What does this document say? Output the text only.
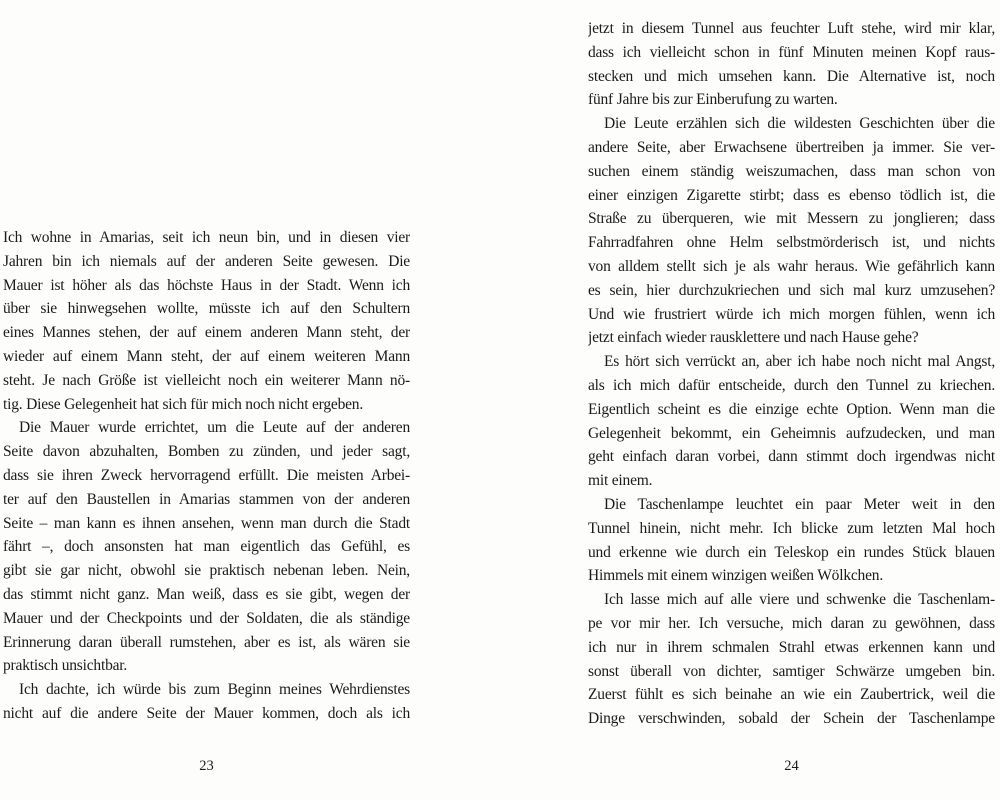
Ich wohne in Amarias, seit ich neun bin, und in diesen vier
Jahren bin ich niemals auf der anderen Seite gewesen. Die
Mauer ist höher als das höchste Haus in der Stadt. Wenn ich
über sie hinwegsehen wollte, müsste ich auf den Schultern
eines Mannes stehen, der auf einem anderen Mann steht, der
wieder auf einem Mann steht, der auf einem weiteren Mann
steht. Je nach Größe ist vielleicht noch ein weiterer Mann nö-
tig. Diese Gelegenheit hat sich für mich noch nicht ergeben.
Die Mauer wurde errichtet, um die Leute auf der anderen
Seite davon abzuhalten, Bomben zu zünden, und jeder sagt,
dass sie ihren Zweck hervorragend erfüllt. Die meisten Arbei-
ter auf den Baustellen in Amarias stammen von der anderen
Seite – man kann es ihnen ansehen, wenn man durch die Stadt
fährt –, doch ansonsten hat man eigentlich das Gefühl, es
gibt sie gar nicht, obwohl sie praktisch nebenan leben. Nein,
das stimmt nicht ganz. Man weiß, dass es sie gibt, wegen der
Mauer und der Checkpoints und der Soldaten, die als ständige
Erinnerung daran überall rumstehen, aber es ist, als wären sie
praktisch unsichtbar.
Ich dachte, ich würde bis zum Beginn meines Wehrdienstes
nicht auf die andere Seite der Mauer kommen, doch als ich
jetzt in diesem Tunnel aus feuchter Luft stehe, wird mir klar,
dass ich vielleicht schon in fünf Minuten meinen Kopf raus-
stecken und mich umsehen kann. Die Alternative ist, noch
fünf Jahre bis zur Einberufung zu warten.
Die Leute erzählen sich die wildesten Geschichten über die
andere Seite, aber Erwachsene übertreiben ja immer. Sie ver-
suchen einem ständig weiszumachen, dass man schon von
einer einzigen Zigarette stirbt; dass es ebenso tödlich ist, die
Straße zu überqueren, wie mit Messern zu jonglieren; dass
Fahrradfahren ohne Helm selbstmörderisch ist, und nichts
von alldem stellt sich je als wahr heraus. Wie gefährlich kann
es sein, hier durchzukriechen und sich mal kurz umzusehen?
Und wie frustriert würde ich mich morgen fühlen, wenn ich
jetzt einfach wieder rausklettere und nach Hause gehe?
Es hört sich verrückt an, aber ich habe noch nicht mal Angst,
als ich mich dafür entscheide, durch den Tunnel zu kriechen.
Eigentlich scheint es die einzige echte Option. Wenn man die
Gelegenheit bekommt, ein Geheimnis aufzudecken, und man
geht einfach daran vorbei, dann stimmt doch irgendwas nicht
mit einem.
Die Taschenlampe leuchtet ein paar Meter weit in den
Tunnel hinein, nicht mehr. Ich blicke zum letzten Mal hoch
und erkenne wie durch ein Teleskop ein rundes Stück blauen
Himmels mit einem winzigen weißen Wölkchen.
Ich lasse mich auf alle viere und schwenke die Taschenlam-
pe vor mir her. Ich versuche, mich daran zu gewöhnen, dass
ich nur in ihrem schmalen Strahl etwas erkennen kann und
sonst überall von dichter, samtiger Schwärze umgeben bin.
Zuerst fühlt es sich beinahe an wie ein Zaubertrick, weil die
Dinge verschwinden, sobald der Schein der Taschenlampe
23	24
